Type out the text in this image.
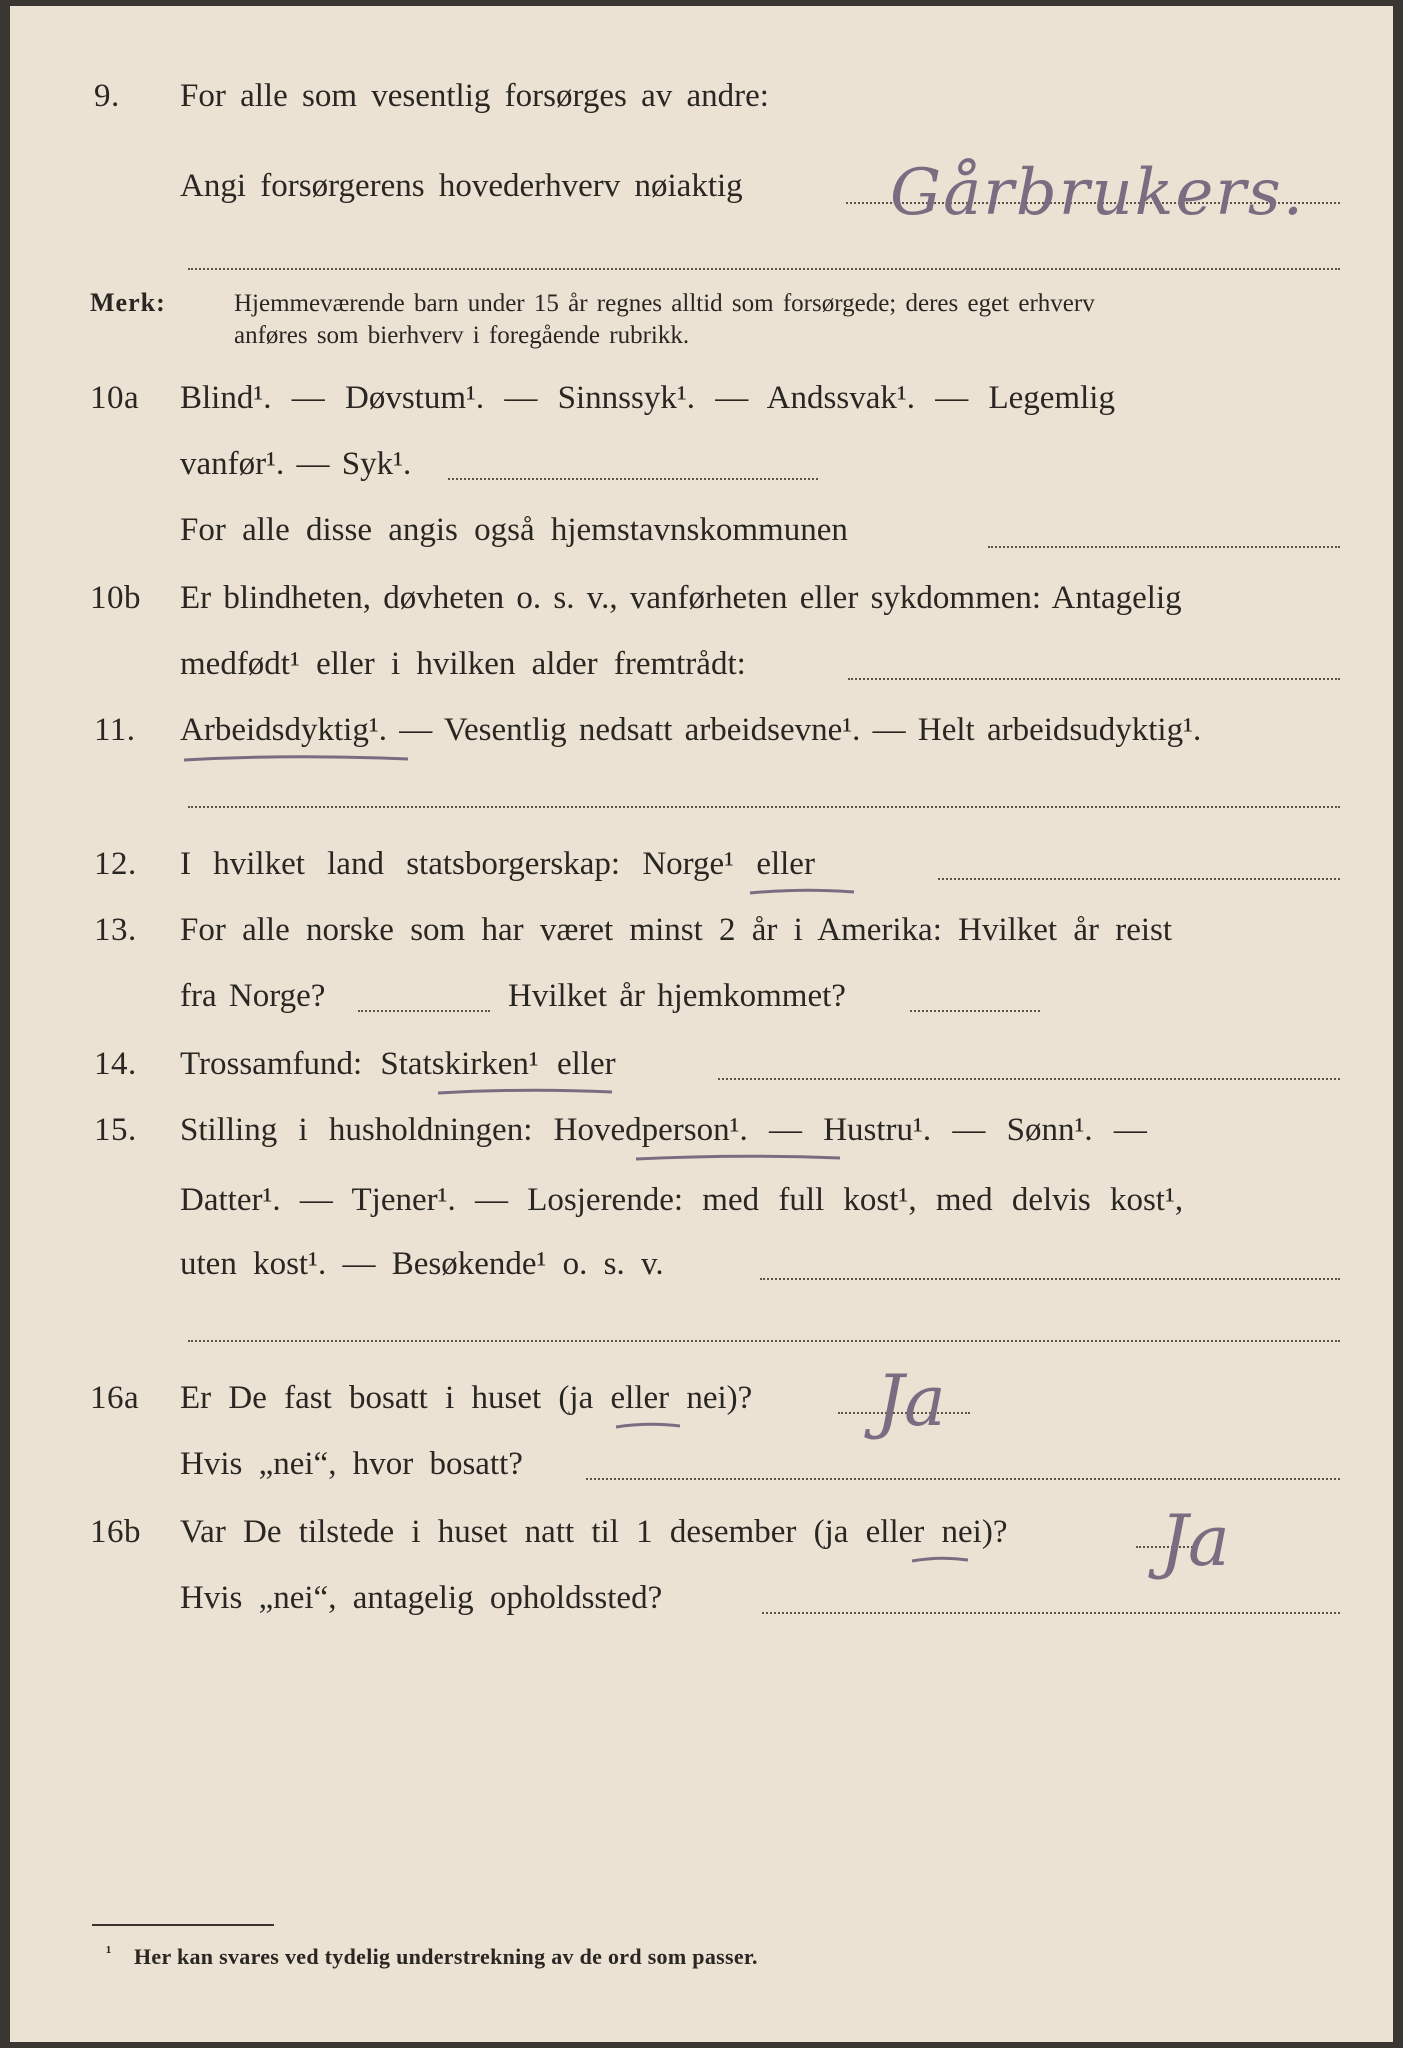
9. For alle som vesentlig forsørges av andre:
Angi forsørgerens hovederhverv nøiaktig Gårbrukers.
Merk:	Hjemmeværende barn under 15 år regnes alltid som forsørgede; deres eget erhverv
anføres som bierhverv i foregående rubrikk.
10a Blind¹. — Døvstum¹. — Sinnssyk¹. — Andssvak¹. — Legemlig
vanfør¹. — Syk¹.
For alle disse angis også hjemstavnskommunen
10b Er blindheten, døvheten o. s. v., vanførheten eller sykdommen: Antagelig
medfødt¹ eller i hvilken alder fremtrådt:
11. Arbeidsdyktig¹. — Vesentlig nedsatt arbeidsevne¹. — Helt arbeidsudyktig¹.
12. I hvilket land statsborgerskap: Norge¹ eller
13. For alle norske som har været minst 2 år i Amerika: Hvilket år reist
fra Norge?	Hvilket år hjemkommet?
14. Trossamfund: Statskirken¹ eller
15. Stilling i husholdningen: Hovedperson¹. — Hustru¹. — Sønn¹. —
Datter¹. — Tjener¹. — Losjerende: med full kost¹, med delvis kost¹,
uten kost¹. — Besøkende¹ o. s. v.
16a Er De fast bosatt i huset (ja eller nei)? Ja
Hvis „nei“, hvor bosatt?
16b Var De tilstede i huset natt til 1 desember (ja eller nei)? Ja
Hvis „nei“, antagelig opholdssted?
¹ Her kan svares ved tydelig understrekning av de ord som passer.
